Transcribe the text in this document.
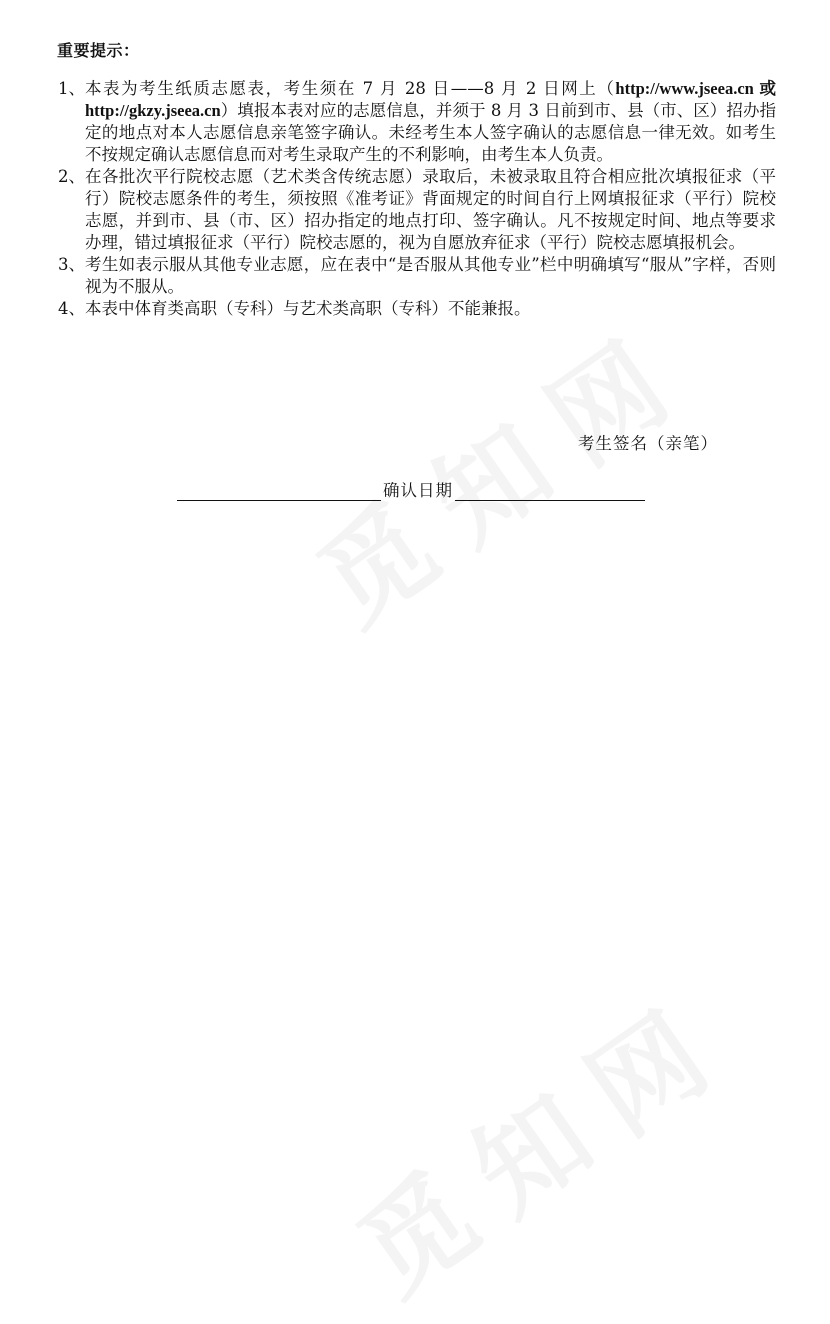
重要提示：

1、 本表为考生纸质志愿表，考生须在 7 月 28 日——8 月 2 日网上（http://www.jseea.cn 或 http://gkzy.jseea.cn）填报本表对应的志愿信息，并须于 8 月 3 日前到市、县（市、区）招办指定的地点对本人志愿信息亲笔签字确认。未经考生本人签字确认的志愿信息一律无效。如考生不按规定确认志愿信息而对考生录取产生的不利影响，由考生本人负责。

2、 在各批次平行院校志愿（艺术类含传统志愿）录取后，未被录取且符合相应批次填报征求（平行）院校志愿条件的考生，须按照《准考证》背面规定的时间自行上网填报征求（平行）院校志愿，并到市、县（市、区）招办指定的地点打印、签字确认。凡不按规定时间、地点等要求办理，错过填报征求（平行）院校志愿的，视为自愿放弃征求（平行）院校志愿填报机会。

3、 考生如表示服从其他专业志愿，应在表中“是否服从其他专业”栏中明确填写“服从”字样，否则视为不服从。

4、 本表中体育类高职（专科）与艺术类高职（专科）不能兼报。

考生签名（亲笔）
确认日期
